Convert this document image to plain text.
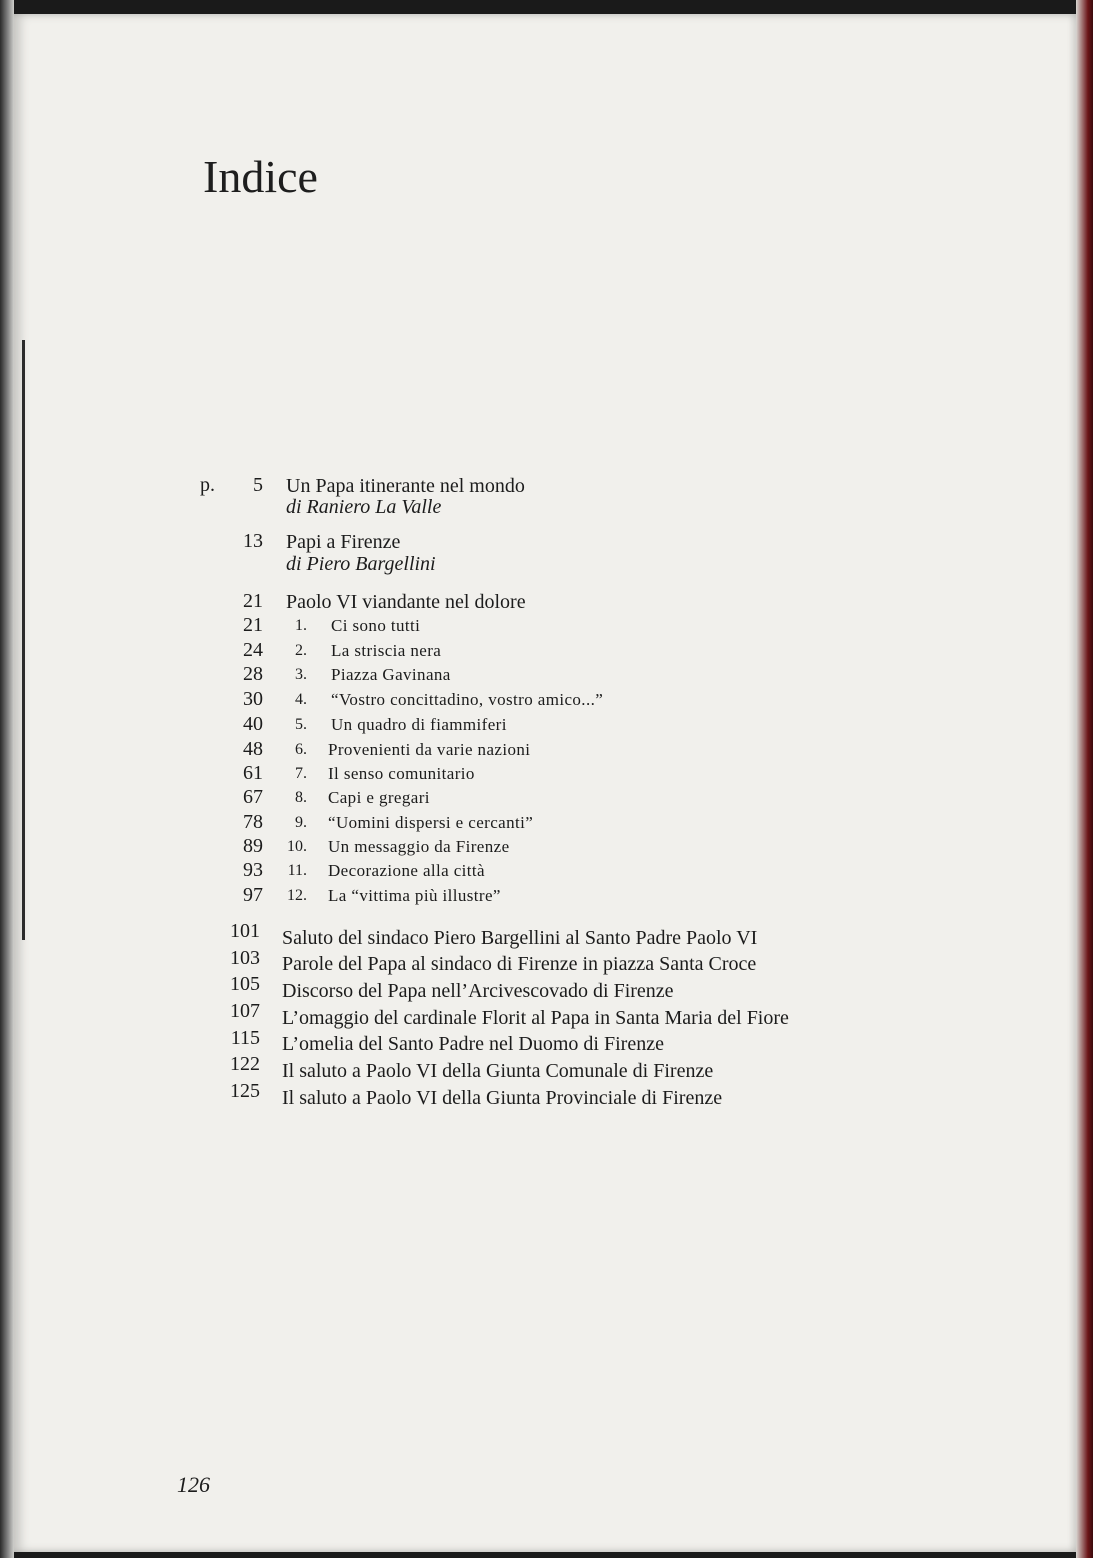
Indice
p.	5 Un Papa itinerante nel mondo
di Raniero La Valle
13 Papi a Firenze
di Piero Bargellini
21 Paolo VI viandante nel dolore
21	1. Ci sono tutti
24	2. La striscia nera
28	3. Piazza Gavinana
30	4. “Vostro concittadino, vostro amico...”
40	5. Un quadro di fiammiferi
48	6. Provenienti da varie nazioni
61	7. Il senso comunitario
67	8. Capi e gregari
78	9. “Uomini dispersi e cercanti”
89 10. Un messaggio da Firenze
93 11. Decorazione alla città
97 12. La “vittima più illustre”
101 Saluto del sindaco Piero Bargellini al Santo Padre Paolo VI
103 Parole del Papa al sindaco di Firenze in piazza Santa Croce
105 Discorso del Papa nell’Arcivescovado di Firenze
107 L’omaggio del cardinale Florit al Papa in Santa Maria del Fiore
115 L’omelia del Santo Padre nel Duomo di Firenze
122 Il saluto a Paolo VI della Giunta Comunale di Firenze
125 Il saluto a Paolo VI della Giunta Provinciale di Firenze
126
